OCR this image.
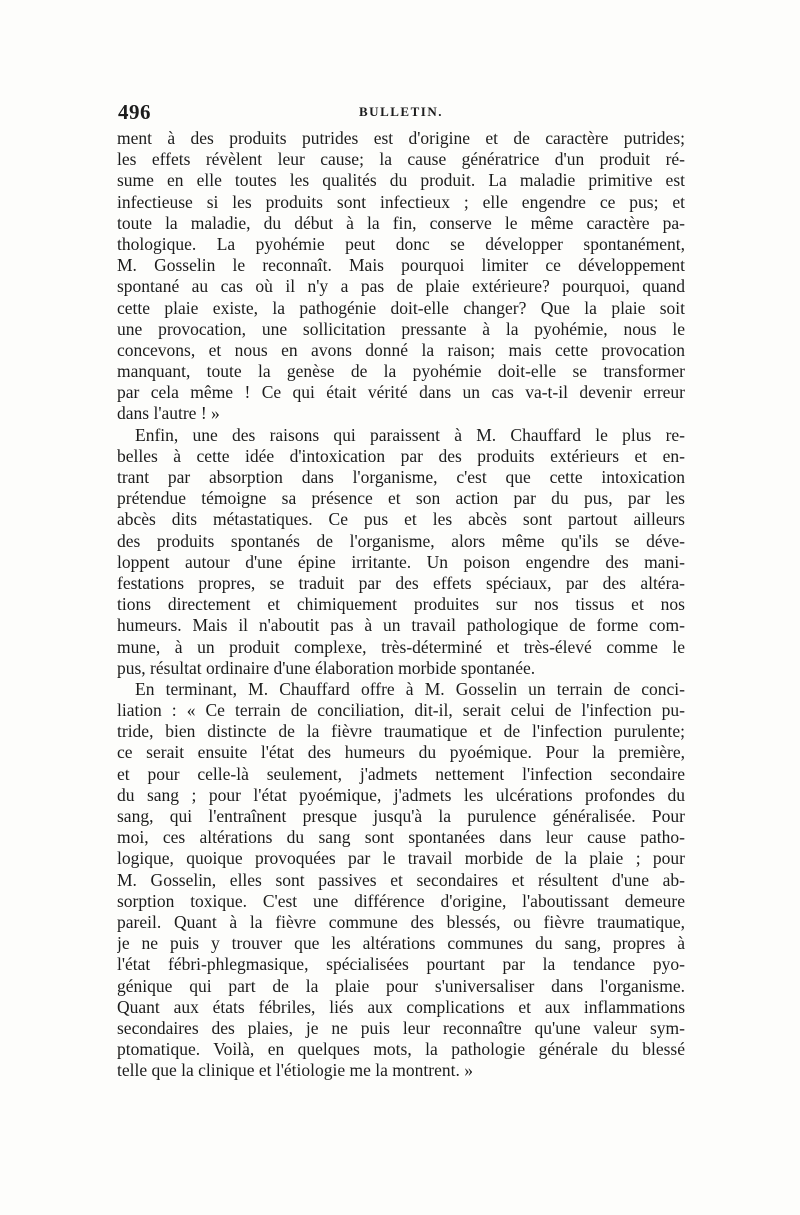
496	BULLETIN.
ment à des produits putrides est d'origine et de caractère putrides;
les effets révèlent leur cause; la cause génératrice d'un produit ré-
sume en elle toutes les qualités du produit. La maladie primitive est
infectieuse si les produits sont infectieux ; elle engendre ce pus; et
toute la maladie, du début à la fin, conserve le même caractère pa-
thologique. La pyohémie peut donc se développer spontanément,
M. Gosselin le reconnaît. Mais pourquoi limiter ce développement
spontané au cas où il n'y a pas de plaie extérieure? pourquoi, quand
cette plaie existe, la pathogénie doit-elle changer? Que la plaie soit
une provocation, une sollicitation pressante à la pyohémie, nous le
concevons, et nous en avons donné la raison; mais cette provocation
manquant, toute la genèse de la pyohémie doit-elle se transformer
par cela même ! Ce qui était vérité dans un cas va-t-il devenir erreur
dans l'autre ! »
Enfin, une des raisons qui paraissent à M. Chauffard le plus re-
belles à cette idée d'intoxication par des produits extérieurs et en-
trant par absorption dans l'organisme, c'est que cette intoxication
prétendue témoigne sa présence et son action par du pus, par les
abcès dits métastatiques. Ce pus et les abcès sont partout ailleurs
des produits spontanés de l'organisme, alors même qu'ils se déve-
loppent autour d'une épine irritante. Un poison engendre des mani-
festations propres, se traduit par des effets spéciaux, par des altéra-
tions directement et chimiquement produites sur nos tissus et nos
humeurs. Mais il n'aboutit pas à un travail pathologique de forme com-
mune, à un produit complexe, très-déterminé et très-élevé comme le
pus, résultat ordinaire d'une élaboration morbide spontanée.
En terminant, M. Chauffard offre à M. Gosselin un terrain de conci-
liation : « Ce terrain de conciliation, dit-il, serait celui de l'infection pu-
tride, bien distincte de la fièvre traumatique et de l'infection purulente;
ce serait ensuite l'état des humeurs du pyoémique. Pour la première,
et pour celle-là seulement, j'admets nettement l'infection secondaire
du sang ; pour l'état pyoémique, j'admets les ulcérations profondes du
sang, qui l'entraînent presque jusqu'à la purulence généralisée. Pour
moi, ces altérations du sang sont spontanées dans leur cause patho-
logique, quoique provoquées par le travail morbide de la plaie ; pour
M. Gosselin, elles sont passives et secondaires et résultent d'une ab-
sorption toxique. C'est une différence d'origine, l'aboutissant demeure
pareil. Quant à la fièvre commune des blessés, ou fièvre traumatique,
je ne puis y trouver que les altérations communes du sang, propres à
l'état fébri-phlegmasique, spécialisées pourtant par la tendance pyo-
génique qui part de la plaie pour s'universaliser dans l'organisme.
Quant aux états fébriles, liés aux complications et aux inflammations
secondaires des plaies, je ne puis leur reconnaître qu'une valeur sym-
ptomatique. Voilà, en quelques mots, la pathologie générale du blessé
telle que la clinique et l'étiologie me la montrent. »
